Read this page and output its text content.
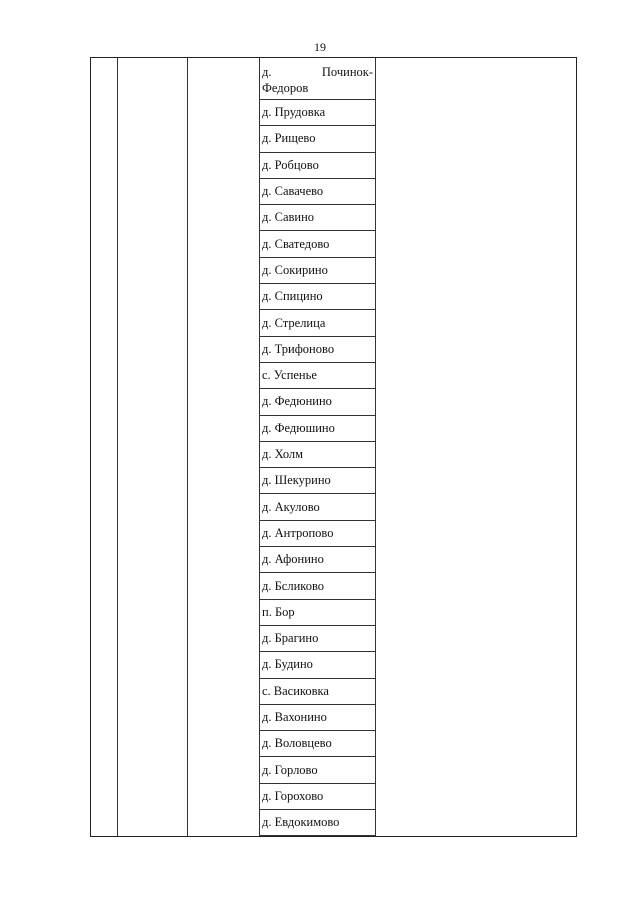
19
д.	Починок-
Федоров
д. Прудовка
д. Рищево
д. Робцово
д. Савачево
д. Савино
д. Сватедово
д. Сокирино
д. Спицино
д. Стрелица
д. Трифоново
с. Успенье
д. Федюнино
д. Федюшино
д. Холм
д. Шекурино
д. Акулово
д. Антропово
д. Афонино
д. Бсликово
п. Бор
д. Брагино
д. Будино
с. Васиковка
д. Вахонино
д. Воловцево
д. Горлово
д. Горохово
д. Евдокимово
